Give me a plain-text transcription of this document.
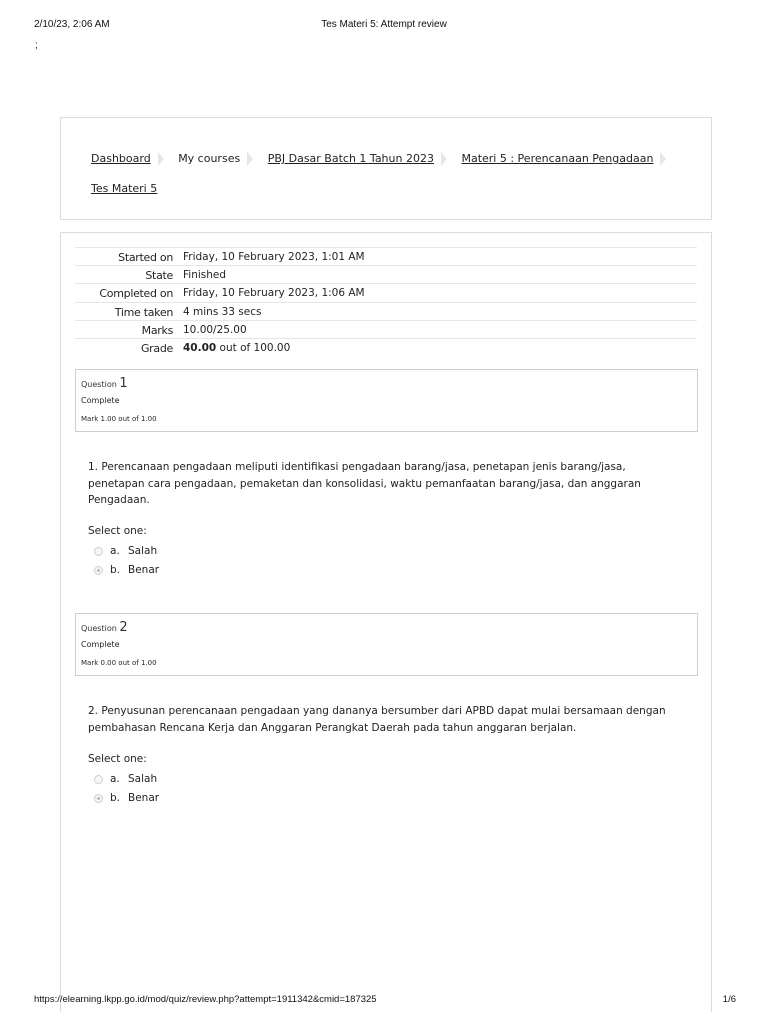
2/10/23, 2:06 AM	Tes Materi 5: Attempt review
;
Dashboard	My courses	PBJ Dasar Batch 1 Tahun 2023	Materi 5 : Perencanaan Pengadaan
Tes Materi 5
Started on Friday, 10 February 2023, 1:01 AM
State Finished
Completed on Friday, 10 February 2023, 1:06 AM
Time taken 4 mins 33 secs
Marks 10.00/25.00
Grade 40.00 out of 100.00
Question 1
Complete
Mark 1.00 out of 1.00
1. Perencanaan pengadaan meliputi identifikasi pengadaan barang/jasa, penetapan jenis barang/jasa, penetapan cara pengadaan, pemaketan dan konsolidasi, waktu pemanfaatan barang/jasa, dan anggaran Pengadaan.
Select one:
a. Salah
b. Benar
Question 2
Complete
Mark 0.00 out of 1.00
2. Penyusunan perencanaan pengadaan yang dananya bersumber dari APBD dapat mulai bersamaan dengan pembahasan Rencana Kerja dan Anggaran Perangkat Daerah pada tahun anggaran berjalan.
Select one:
a. Salah
b. Benar
https://elearning.lkpp.go.id/mod/quiz/review.php?attempt=1911342&cmid=187325	1/6
